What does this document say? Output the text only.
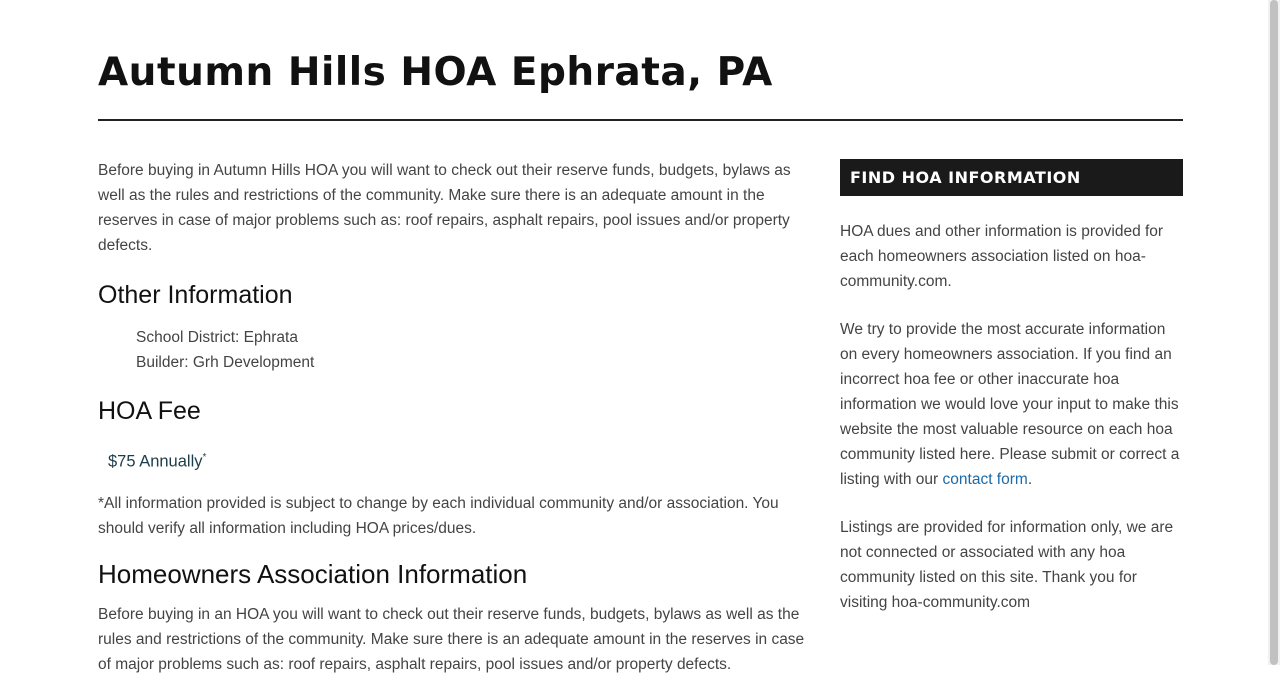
Autumn Hills HOA Ephrata, PA

Before buying in Autumn Hills HOA you will want to check out their reserve funds, budgets, bylaws as well as the rules and restrictions of the community. Make sure there is an adequate amount in the reserves in case of major problems such as: roof repairs, asphalt repairs, pool issues and/or property defects.

Other Information
School District: Ephrata
Builder: Grh Development
HOA Fee
$75 Annually*

*All information provided is subject to change by each individual community and/or association. You should verify all information including HOA prices/dues.

Homeowners Association Information

Before buying in an HOA you will want to check out their reserve funds, budgets, bylaws as well as the rules and restrictions of the community. Make sure there is an adequate amount in the reserves in case of major problems such as: roof repairs, asphalt repairs, pool issues and/or property defects.

FIND HOA INFORMATION

HOA dues and other information is provided for each homeowners association listed on hoa-community.com.

We try to provide the most accurate information on every homeowners association. If you find an incorrect hoa fee or other inaccurate hoa information we would love your input to make this website the most valuable resource on each hoa community listed here. Please submit or correct a listing with our contact form.

Listings are provided for information only, we are not connected or associated with any hoa community listed on this site. Thank you for visiting hoa-community.com
